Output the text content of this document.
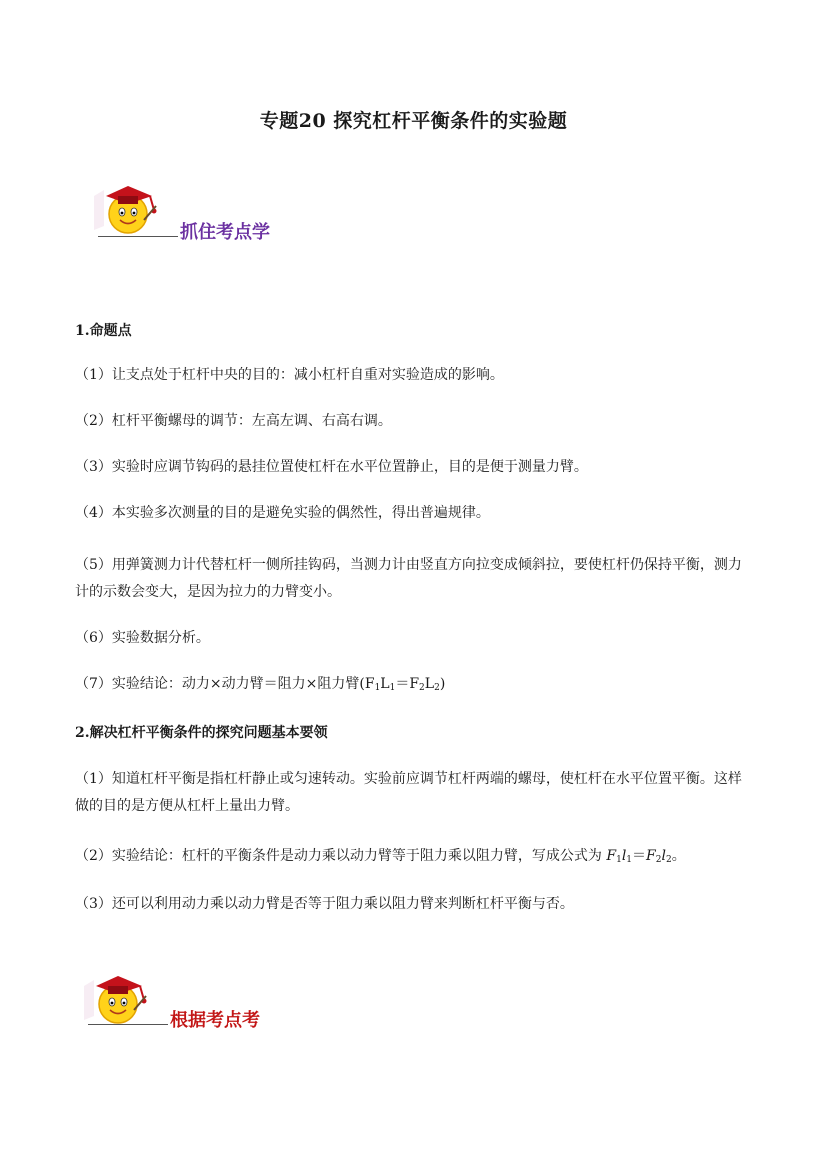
专题20 探究杠杆平衡条件的实验题
抓住考点学
1.命题点
（1）让支点处于杠杆中央的目的：减小杠杆自重对实验造成的影响。
（2）杠杆平衡螺母的调节：左高左调、右高右调。
（3）实验时应调节钩码的悬挂位置使杠杆在水平位置静止，目的是便于测量力臂。
（4）本实验多次测量的目的是避免实验的偶然性，得出普遍规律。
（5）用弹簧测力计代替杠杆一侧所挂钩码，当测力计由竖直方向拉变成倾斜拉，要使杠杆仍保持平衡，测力计的示数会变大，是因为拉力的力臂变小。
（6）实验数据分析。
（7）实验结论：动力×动力臂＝阻力×阻力臂$(F_1L_1=F_2L_2)$
2.解决杠杆平衡条件的探究问题基本要领
（1）知道杠杆平衡是指杠杆静止或匀速转动。实验前应调节杠杆两端的螺母，使杠杆在水平位置平衡。这样做的目的是方便从杠杆上量出力臂。
（2）实验结论：杠杆的平衡条件是动力乘以动力臂等于阻力乘以阻力臂，写成公式为 $F_1l_1=F_2l_2$。
（3）还可以利用动力乘以动力臂是否等于阻力乘以阻力臂来判断杠杆平衡与否。
根据考点考
